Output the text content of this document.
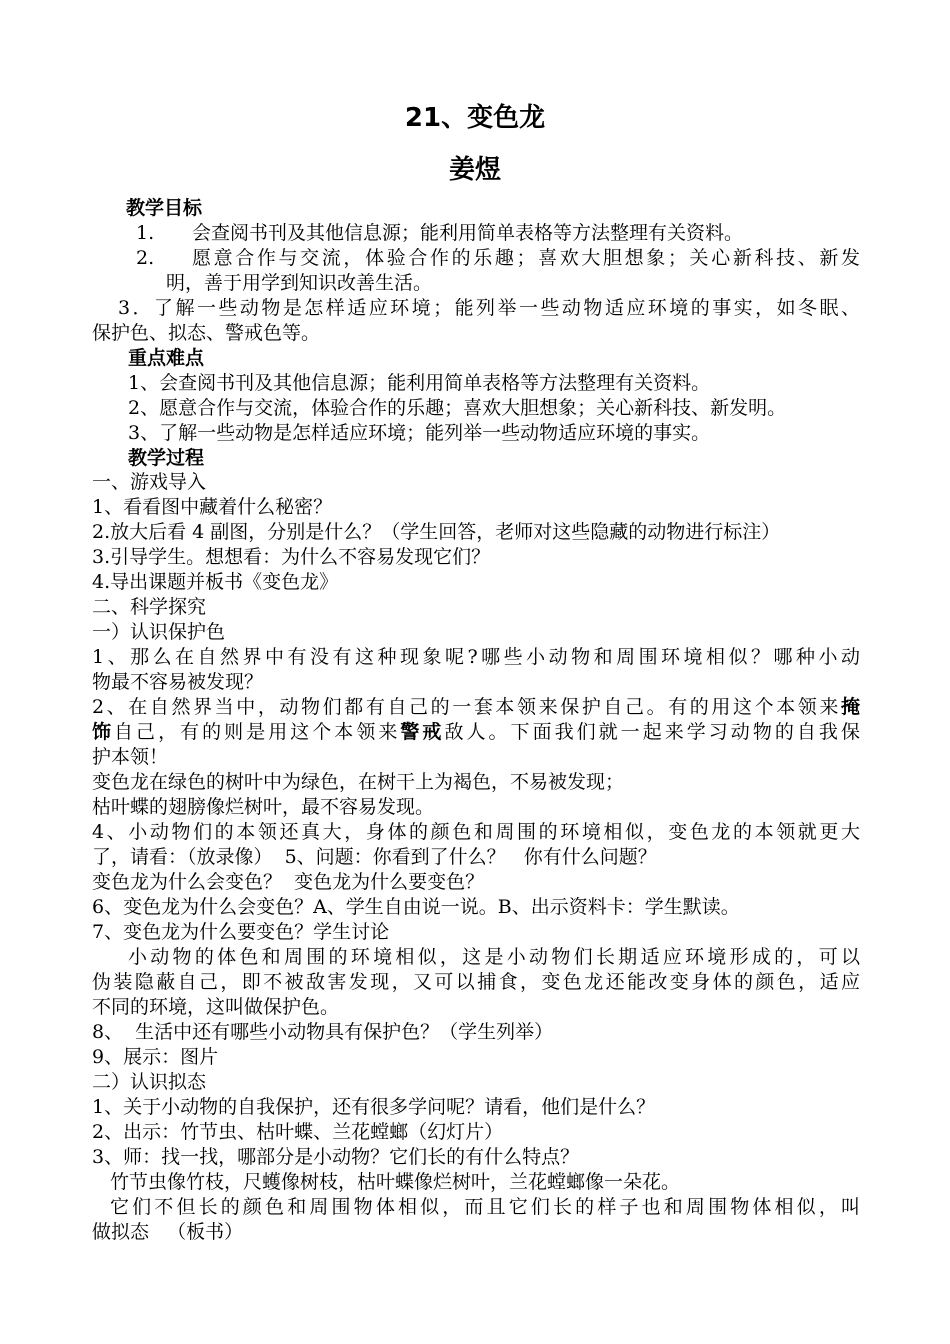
21、变色龙
姜煜
教学目标
1. 会查阅书刊及其他信息源；能利用简单表格等方法整理有关资料。
2. 愿意合作与交流，体验合作的乐趣；喜欢大胆想象；关心新科技、新发
明，善于用学到知识改善生活。
3．了解一些动物是怎样适应环境；能列举一些动物适应环境的事实，如冬眠、
保护色、拟态、警戒色等。
重点难点
1、会查阅书刊及其他信息源；能利用简单表格等方法整理有关资料。
2、愿意合作与交流，体验合作的乐趣；喜欢大胆想象；关心新科技、新发明。
3、了解一些动物是怎样适应环境；能列举一些动物适应环境的事实。
教学过程
一、游戏导入
1、看看图中藏着什么秘密？
2.放大后看 4 副图，分别是什么？（学生回答，老师对这些隐藏的动物进行标注）
3.引导学生。想想看：为什么不容易发现它们？
4.导出课题并板书《变色龙》
二、科学探究
一）认识保护色
1、那么在自然界中有没有这种现象呢?哪些小动物和周围环境相似？哪种小动
物最不容易被发现？
2、在自然界当中，动物们都有自己的一套本领来保护自己。有的用这个本领来掩
饰自己，有的则是用这个本领来警戒敌人。下面我们就一起来学习动物的自我保
护本领！
变色龙在绿色的树叶中为绿色，在树干上为褐色，不易被发现；
枯叶蝶的翅膀像烂树叶，最不容易发现。
4、小动物们的本领还真大，身体的颜色和周围的环境相似，变色龙的本领就更大
了，请看：（放录像）  5、问题：你看到了什么？   你有什么问题？
变色龙为什么会变色？  变色龙为什么要变色？
6、变色龙为什么会变色？A、学生自由说一说。B、出示资料卡：学生默读。
7、变色龙为什么要变色？学生讨论
小动物的体色和周围的环境相似，这是小动物们长期适应环境形成的，可以
伪装隐蔽自己，即不被敌害发现，又可以捕食，变色龙还能改变身体的颜色，适应
不同的环境，这叫做保护色。
8、  生活中还有哪些小动物具有保护色？（学生列举）
9、展示：图片
二）认识拟态
1、关于小动物的自我保护，还有很多学问呢？请看，他们是什么？
2、出示：竹节虫、枯叶蝶、兰花螳螂（幻灯片）
3、师：找一找，哪部分是小动物？它们长的有什么特点？
竹节虫像竹枝，尺蠖像树枝，枯叶蝶像烂树叶，兰花螳螂像一朵花。
它们不但长的颜色和周围物体相似，而且它们长的样子也和周围物体相似，叫
做拟态   （板书）
